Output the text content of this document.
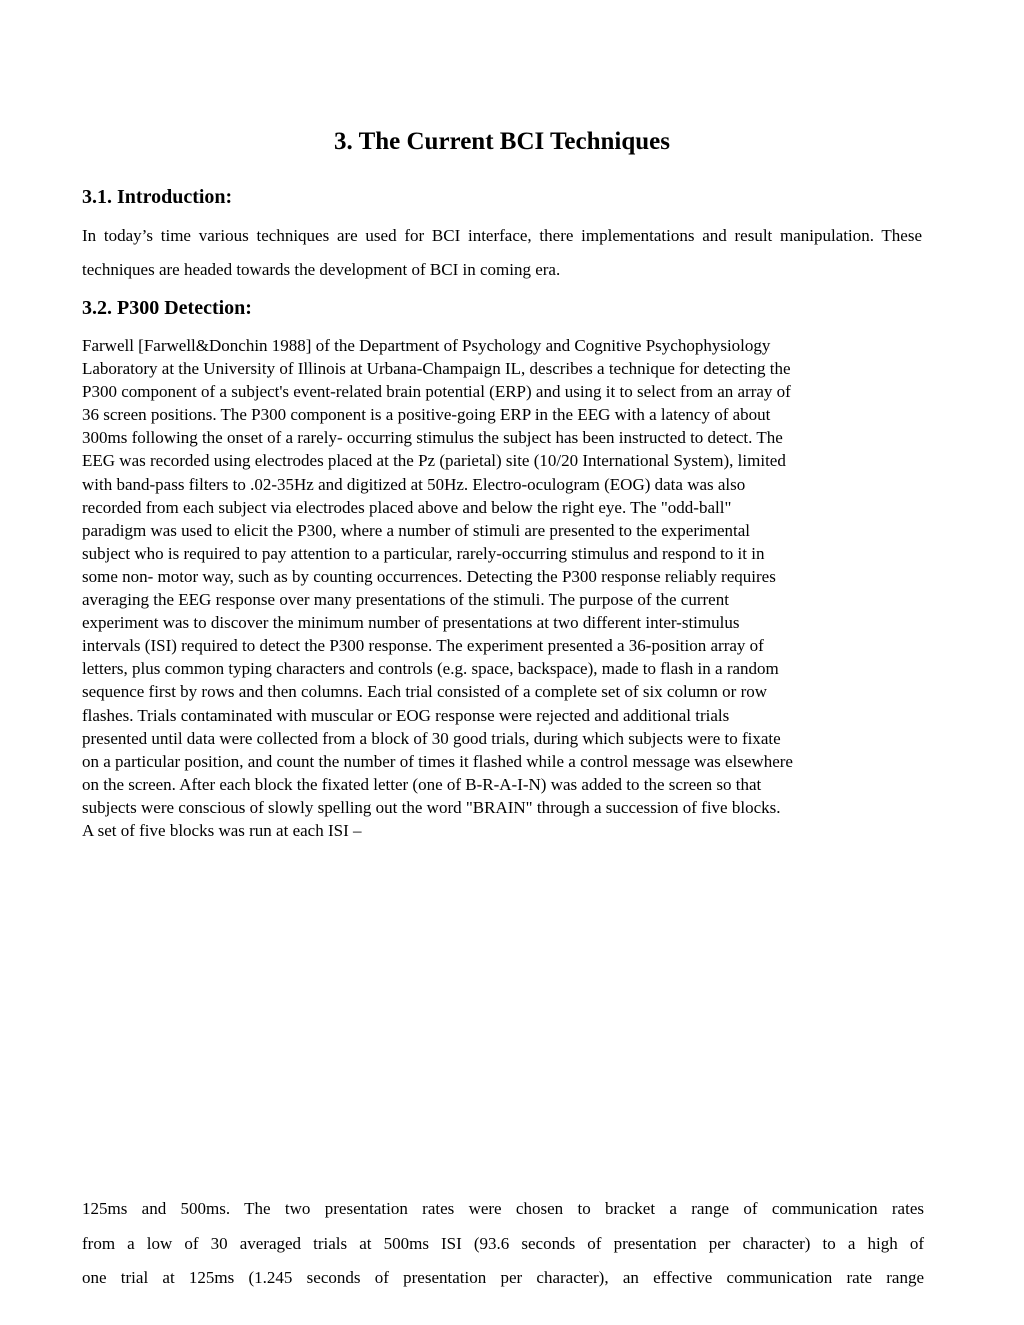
3. The Current BCI Techniques
3.1. Introduction:

In today’s time various techniques are used for BCI interface, there implementations and result manipulation. These techniques are headed towards the development of BCI in coming era.

3.2. P300 Detection:

Farwell [Farwell&Donchin 1988] of the Department of Psychology and Cognitive Psychophysiology
Laboratory at the University of Illinois at Urbana-Champaign IL, describes a technique for detecting the
P300 component of a subject's event-related brain potential (ERP) and using it to select from an array of
36 screen positions. The P300 component is a positive-going ERP in the EEG with a latency of about
300ms following the onset of a rarely- occurring stimulus the subject has been instructed to detect. The
EEG was recorded using electrodes placed at the Pz (parietal) site (10/20 International System), limited
with band-pass filters to .02-35Hz and digitized at 50Hz. Electro-oculogram (EOG) data was also
recorded from each subject via electrodes placed above and below the right eye. The "odd-ball"
paradigm was used to elicit the P300, where a number of stimuli are presented to the experimental
subject who is required to pay attention to a particular, rarely-occurring stimulus and respond to it in
some non- motor way, such as by counting occurrences. Detecting the P300 response reliably requires
averaging the EEG response over many presentations of the stimuli. The purpose of the current
experiment was to discover the minimum number of presentations at two different inter-stimulus
intervals (ISI) required to detect the P300 response. The experiment presented a 36-position array of
letters, plus common typing characters and controls (e.g. space, backspace), made to flash in a random
sequence first by rows and then columns. Each trial consisted of a complete set of six column or row
flashes. Trials contaminated with muscular or EOG response were rejected and additional trials
presented until data were collected from a block of 30 good trials, during which subjects were to fixate
on a particular position, and count the number of times it flashed while a control message was elsewhere
on the screen. After each block the fixated letter (one of B-R-A-I-N) was added to the screen so that
subjects were conscious of slowly spelling out the word "BRAIN" through a succession of five blocks.
A set of five blocks was run at each ISI –

125ms and 500ms. The two presentation rates were chosen to bracket a range of communication rates
from a low of 30 averaged trials at 500ms ISI (93.6 seconds of presentation per character) to a high of
one trial at 125ms (1.245 seconds of presentation per character), an effective communication rate range
